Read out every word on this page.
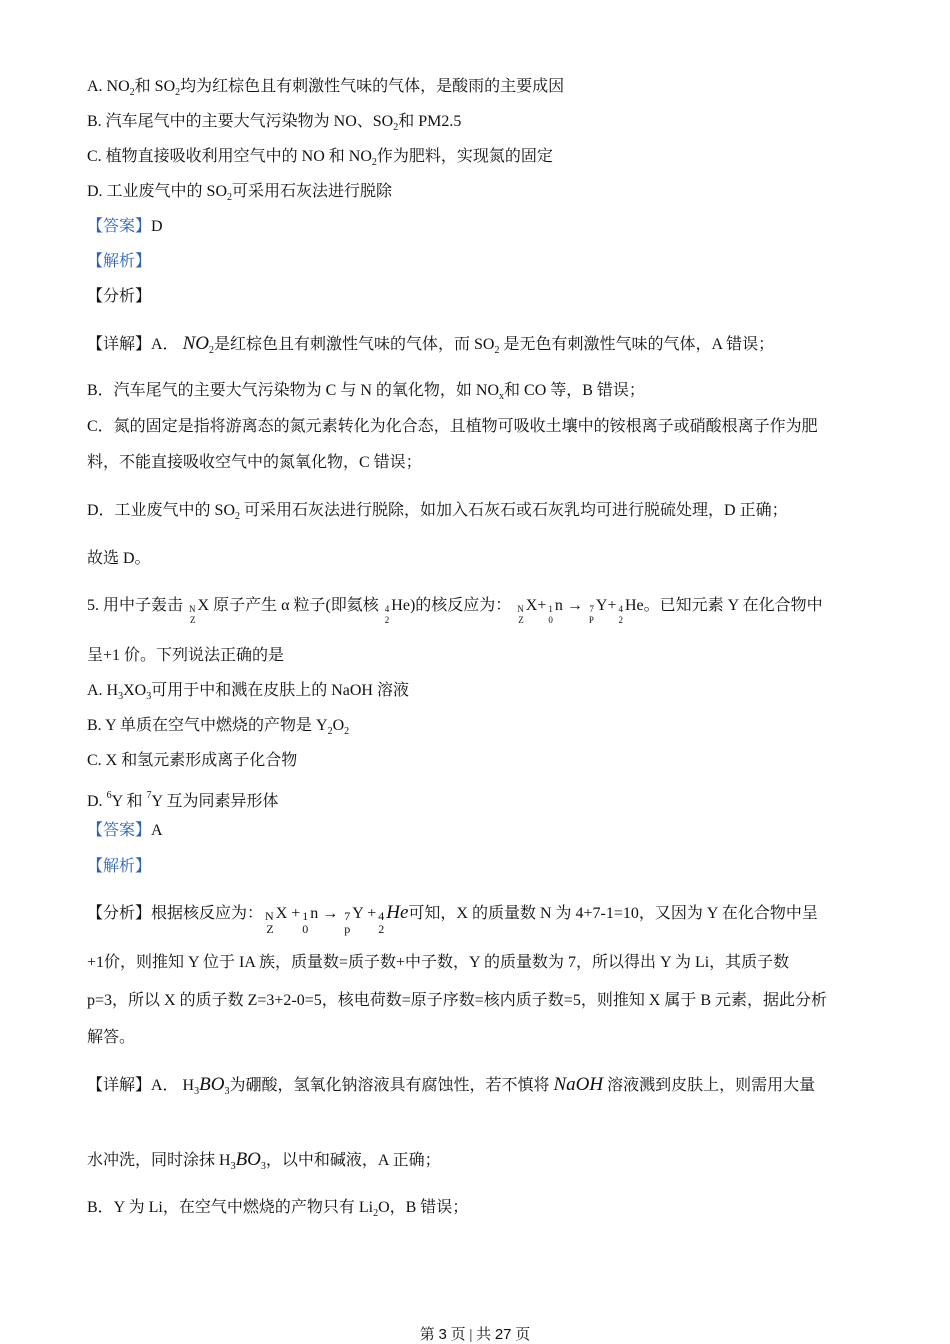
A. $NO_2$和 $SO_2$均为红棕色且有刺激性气味的气体，是酸雨的主要成因
B. 汽车尾气中的主要大气污染物为 NO、$SO_2$和 PM2.5
C. 植物直接吸收利用空气中的 NO 和 $NO_2$作为肥料，实现氮的固定
D. 工业废气中的 $SO_2$可采用石灰法进行脱除
【答案】D
【解析】
【分析】
【详解】A． $NO_2$是红棕色且有刺激性气味的气体，而 $SO_2$ 是无色有刺激性气味的气体，A 错误；
B．汽车尾气的主要大气污染物为 C 与 N 的氧化物，如 $NO_x$和 CO 等，B 错误；
C．氮的固定是指将游离态的氮元素转化为化合态，且植物可吸收土壤中的铵根离子或硝酸根离子作为肥
料，不能直接吸收空气中的氮氧化物，C 错误；
D．工业废气中的 $SO_2$ 可采用石灰法进行脱除，如加入石灰石或石灰乳均可进行脱硫处理，D 正确；
故选 D。
5. 用中子轰击 N
Z
X 原子产生 α 粒子(即氦核 4
2
He)的核反应为： N
Z
X+ 1
0
n → 7
P
Y+ 4
2
He。已知元素 Y 在化合物中
呈+1 价。下列说法正确的是
A. $H_3XO_3$可用于中和溅在皮肤上的 NaOH 溶液
B. Y 单质在空气中燃烧的产物是 $Y_2O_2$
C. X 和氢元素形成离子化合物
D. $^6$Y 和 $^7$Y 互为同素异形体
【答案】A
【解析】
【分析】根据核反应为： N
Z
X + 1
0
n → 7
p
Y + 4
2
He可知，X 的质量数 N 为 4+7-1=10，又因为 Y 在化合物中呈
+1价，则推知 Y 位于 IA 族，质量数=质子数+中子数，Y 的质量数为 7，所以得出 Y 为 Li，其质子数
p=3，所以 X 的质子数 Z=3+2-0=5，核电荷数=原子序数=核内质子数=5，则推知 X 属于 B 元素，据此分析
解答。
【详解】A． $H_3BO_3$为硼酸，氢氧化钠溶液具有腐蚀性，若不慎将 NaOH 溶液溅到皮肤上，则需用大量
水冲洗，同时涂抹 $H_3BO_3$，以中和碱液，A 正确；
B．Y 为 Li，在空气中燃烧的产物只有 $Li_2O$，B 错误；
第 3 页 | 共 27 页
